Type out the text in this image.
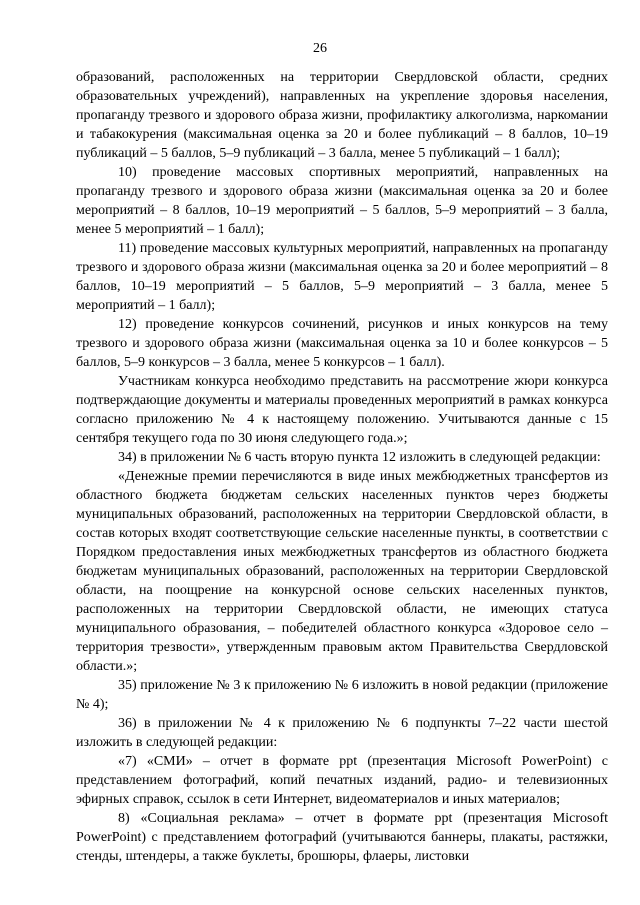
26

образований, расположенных на территории Свердловской области, средних образовательных учреждений), направленных на укрепление здоровья населения, пропаганду трезвого и здорового образа жизни, профилактику алкоголизма, наркомании и табакокурения (максимальная оценка за 20 и более публикаций – 8 баллов, 10–19 публикаций – 5 баллов, 5–9 публикаций – 3 балла, менее 5 публикаций – 1 балл);

10) проведение массовых спортивных мероприятий, направленных на пропаганду трезвого и здорового образа жизни (максимальная оценка за 20 и более мероприятий – 8 баллов, 10–19 мероприятий – 5 баллов, 5–9 мероприятий – 3 балла, менее 5 мероприятий – 1 балл);

11) проведение массовых культурных мероприятий, направленных на пропаганду трезвого и здорового образа жизни (максимальная оценка за 20 и более мероприятий – 8 баллов, 10–19 мероприятий – 5 баллов, 5–9 мероприятий – 3 балла, менее 5 мероприятий – 1 балл);

12) проведение конкурсов сочинений, рисунков и иных конкурсов на тему трезвого и здорового образа жизни (максимальная оценка за 10 и более конкурсов – 5 баллов, 5–9 конкурсов – 3 балла, менее 5 конкурсов – 1 балл).

Участникам конкурса необходимо представить на рассмотрение жюри конкурса подтверждающие документы и материалы проведенных мероприятий в рамках конкурса согласно приложению № 4 к настоящему положению. Учитываются данные с 15 сентября текущего года по 30 июня следующего года.»;

34) в приложении № 6 часть вторую пункта 12 изложить в следующей редакции:

«Денежные премии перечисляются в виде иных межбюджетных трансфертов из областного бюджета бюджетам сельских населенных пунктов через бюджеты муниципальных образований, расположенных на территории Свердловской области, в состав которых входят соответствующие сельские населенные пункты, в соответствии с Порядком предоставления иных межбюджетных трансфертов из областного бюджета бюджетам муниципальных образований, расположенных на территории Свердловской области, на поощрение на конкурсной основе сельских населенных пунктов, расположенных на территории Свердловской области, не имеющих статуса муниципального образования, – победителей областного конкурса «Здоровое село – территория трезвости», утвержденным правовым актом Правительства Свердловской области.»;

35) приложение № 3 к приложению № 6 изложить в новой редакции (приложение № 4);

36) в приложении № 4 к приложению № 6 подпункты 7–22 части шестой изложить в следующей редакции:

«7) «СМИ» – отчет в формате ppt (презентация Microsoft PowerPoint) с представлением фотографий, копий печатных изданий, радио- и телевизионных эфирных справок, ссылок в сети Интернет, видеоматериалов и иных материалов;

8) «Социальная реклама» – отчет в формате ppt (презентация Microsoft PowerPoint) с представлением фотографий (учитываются баннеры, плакаты, растяжки, стенды, штендеры, а также буклеты, брошюры, флаеры, листовки
